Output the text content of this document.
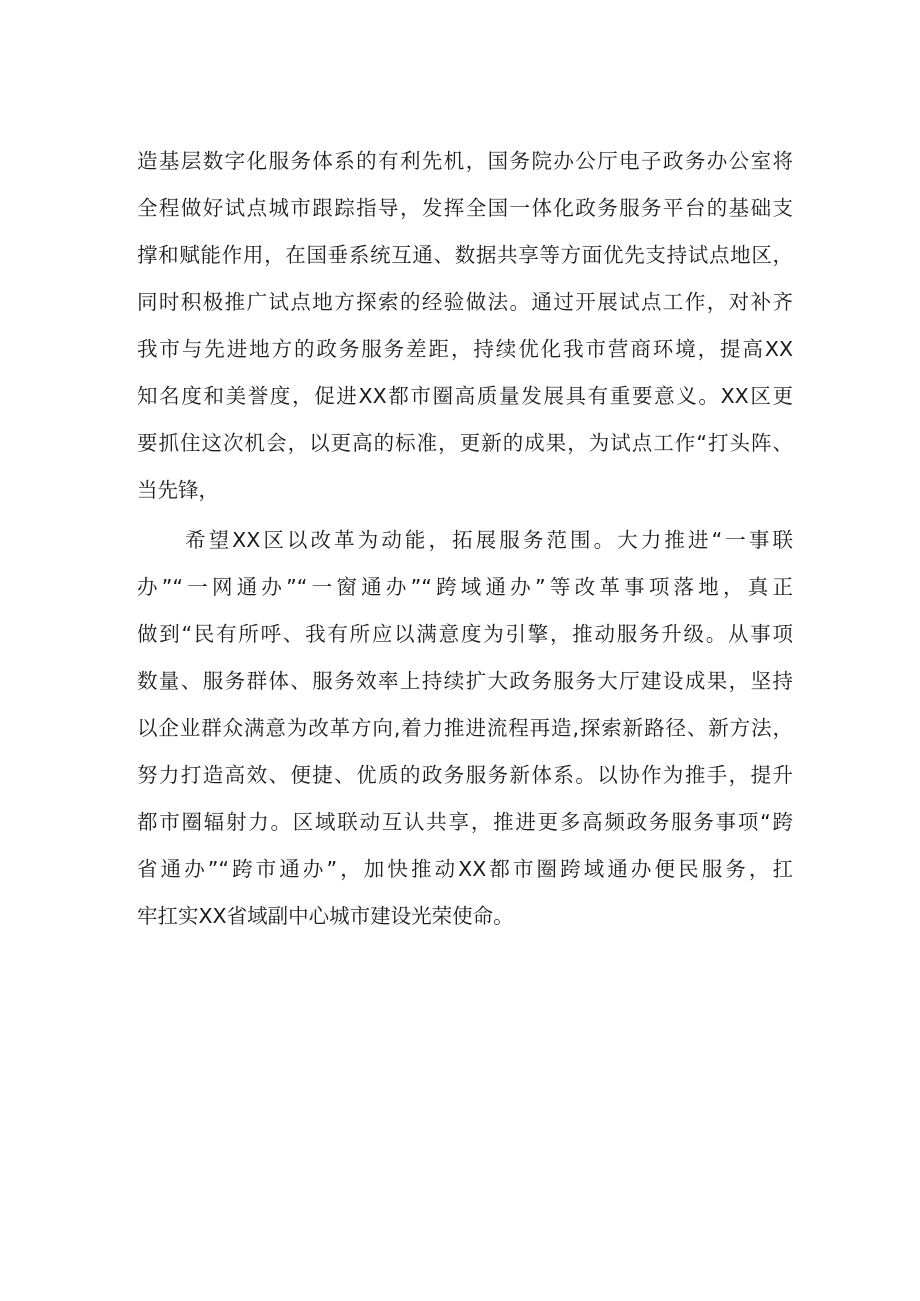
造基层数字化服务体系的有利先机，国务院办公厅电子政务办公室将
全程做好试点城市跟踪指导，发挥全国一体化政务服务平台的基础支
撑和赋能作用，在国垂系统互通、数据共享等方面优先支持试点地区，
同时积极推广试点地方探索的经验做法。通过开展试点工作，对补齐
我市与先进地方的政务服务差距，持续优化我市营商环境，提高XX
知名度和美誉度，促进XX都市圈高质量发展具有重要意义。XX区更
要抓住这次机会，以更高的标准，更新的成果，为试点工作“打头阵、
当先锋，
希望XX区以改革为动能，拓展服务范围。大力推进“一事联
办”“一网通办”“一窗通办”“跨域通办”等改革事项落地，真正
做到“民有所呼、我有所应以满意度为引擎，推动服务升级。从事项
数量、服务群体、服务效率上持续扩大政务服务大厅建设成果，坚持
以企业群众满意为改革方向,着力推进流程再造,探索新路径、新方法，
努力打造高效、便捷、优质的政务服务新体系。以协作为推手，提升
都市圈辐射力。区域联动互认共享，推进更多高频政务服务事项“跨
省通办”“跨市通办”，加快推动XX都市圈跨域通办便民服务，扛
牢扛实XX省域副中心城市建设光荣使命。
